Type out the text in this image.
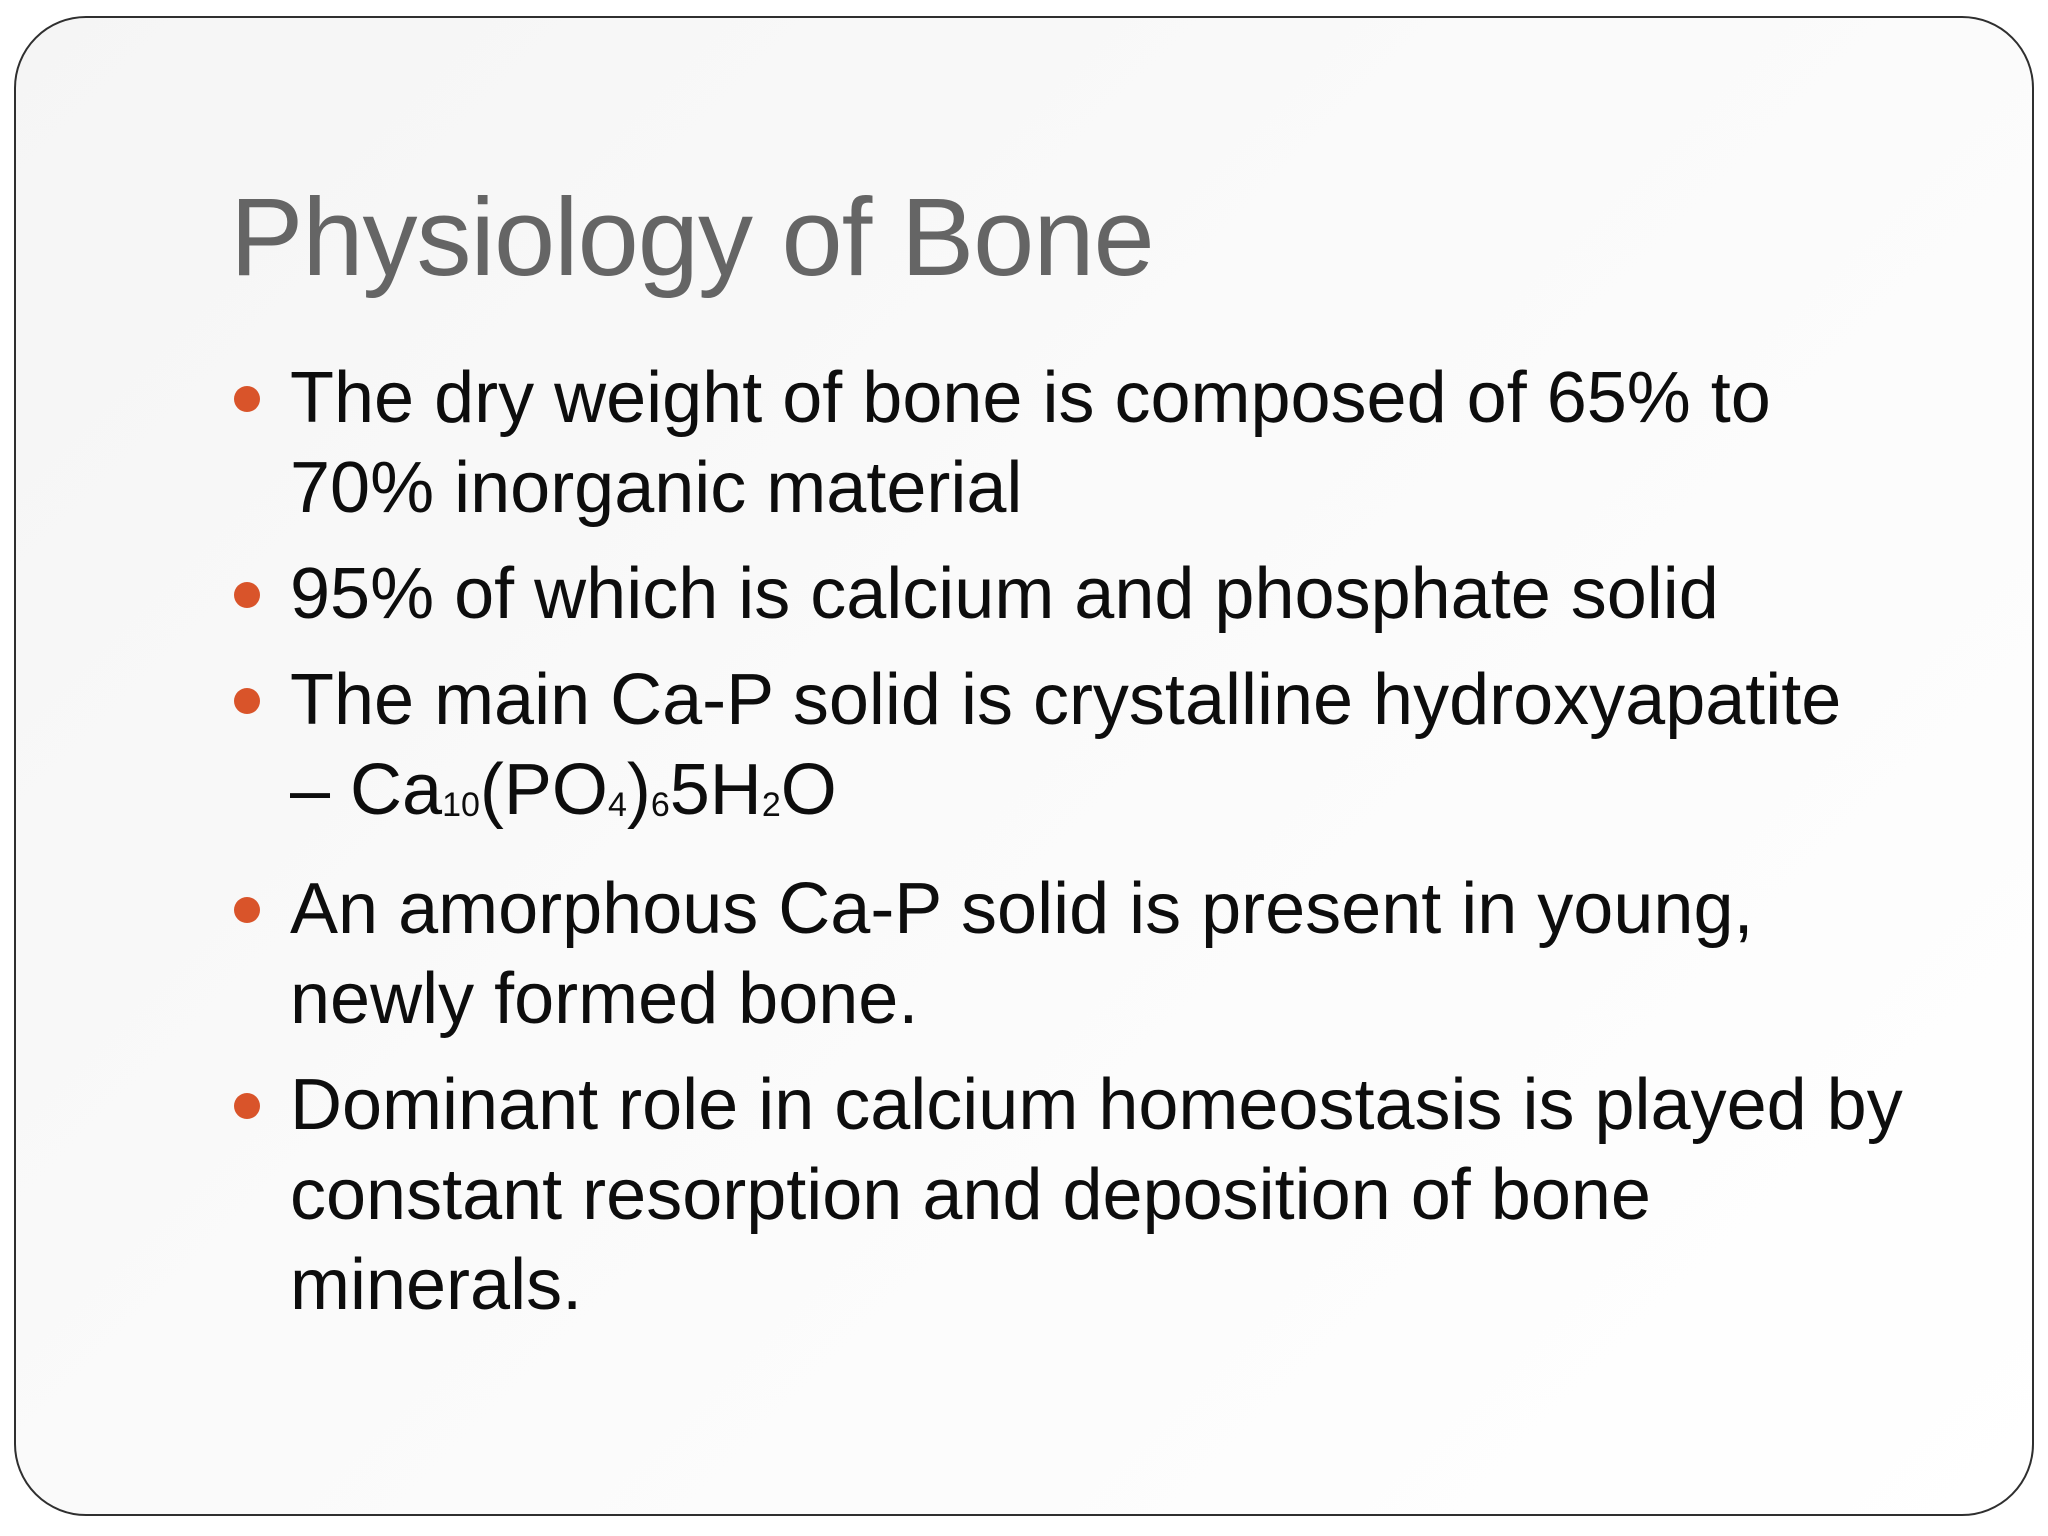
Physiology of Bone
The dry weight of bone is composed of 65% to 70% inorganic material
95% of which is calcium and phosphate solid
The main Ca-P solid is crystalline hydroxyapatite
– Ca10(PO4)65H2O
An amorphous Ca-P solid is present in young, newly formed bone.
Dominant role in calcium homeostasis is played by constant resorption and deposition of bone minerals.
